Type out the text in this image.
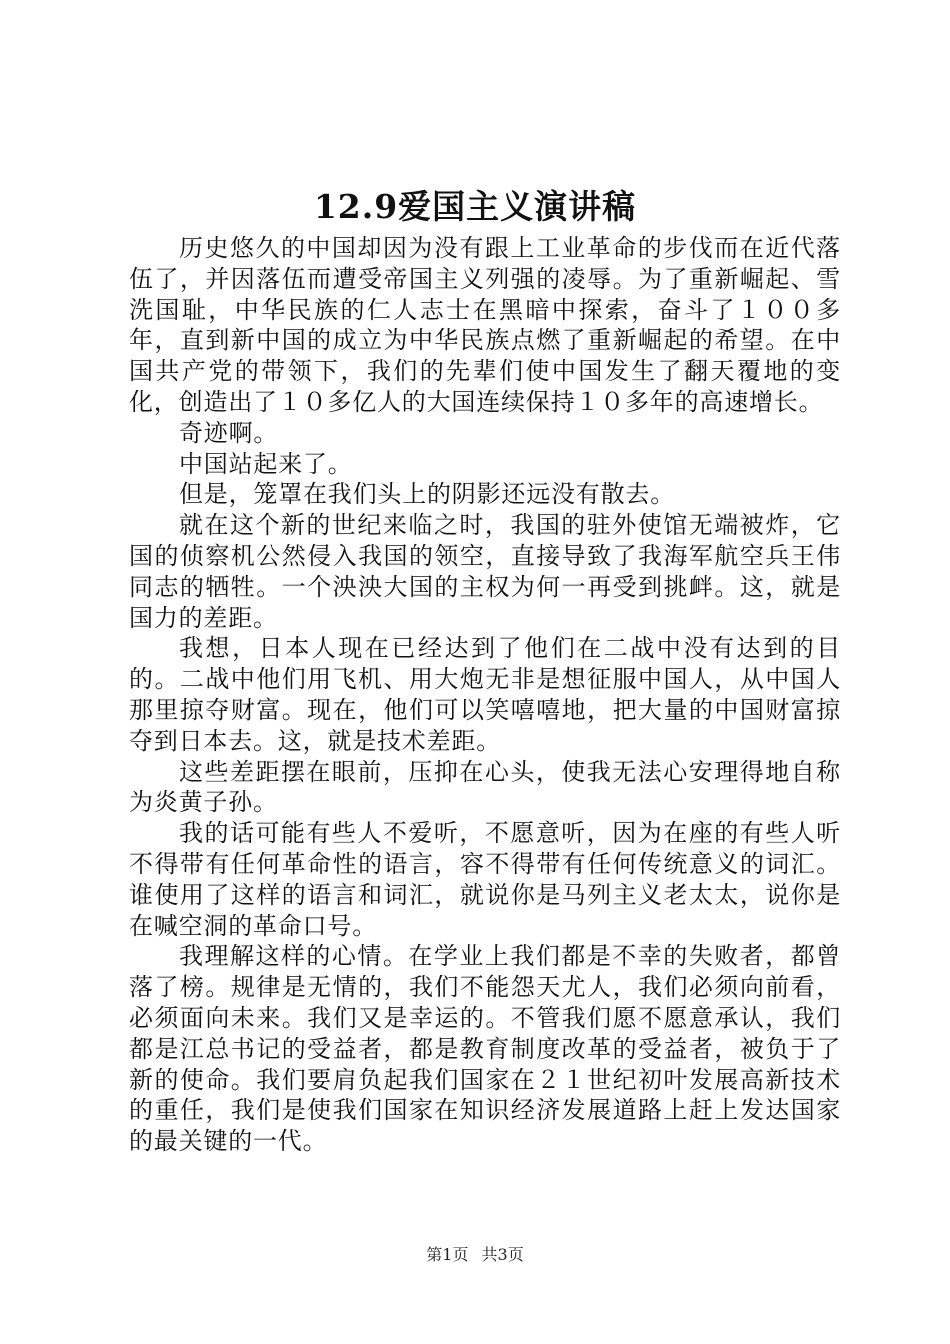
12.9爱国主义演讲稿

历史悠久的中国却因为没有跟上工业革命的步伐而在近代落伍了，并因落伍而遭受帝国主义列强的凌辱。为了重新崛起、雪洗国耻，中华民族的仁人志士在黑暗中探索，奋斗了１００多年，直到新中国的成立为中华民族点燃了重新崛起的希望。在中国共产党的带领下，我们的先辈们使中国发生了翻天覆地的变化，创造出了１０多亿人的大国连续保持１０多年的高速增长。

奇迹啊。

中国站起来了。

但是，笼罩在我们头上的阴影还远没有散去。

就在这个新的世纪来临之时，我国的驻外使馆无端被炸，它国的侦察机公然侵入我国的领空，直接导致了我海军航空兵王伟同志的牺牲。一个泱泱大国的主权为何一再受到挑衅。这，就是国力的差距。

我想，日本人现在已经达到了他们在二战中没有达到的目的。二战中他们用飞机、用大炮无非是想征服中国人，从中国人那里掠夺财富。现在，他们可以笑嘻嘻地，把大量的中国财富掠夺到日本去。这，就是技术差距。

这些差距摆在眼前，压抑在心头，使我无法心安理得地自称为炎黄子孙。

我的话可能有些人不爱听，不愿意听，因为在座的有些人听不得带有任何革命性的语言，容不得带有任何传统意义的词汇。谁使用了这样的语言和词汇，就说你是马列主义老太太，说你是在喊空洞的革命口号。

我理解这样的心情。在学业上我们都是不幸的失败者，都曾落了榜。规律是无情的，我们不能怨天尤人，我们必须向前看，必须面向未来。我们又是幸运的。不管我们愿不愿意承认，我们都是江总书记的受益者，都是教育制度改革的受益者，被负于了新的使命。我们要肩负起我们国家在２１世纪初叶发展高新技术的重任，我们是使我们国家在知识经济发展道路上赶上发达国家的最关键的一代。

第1页 共3页
